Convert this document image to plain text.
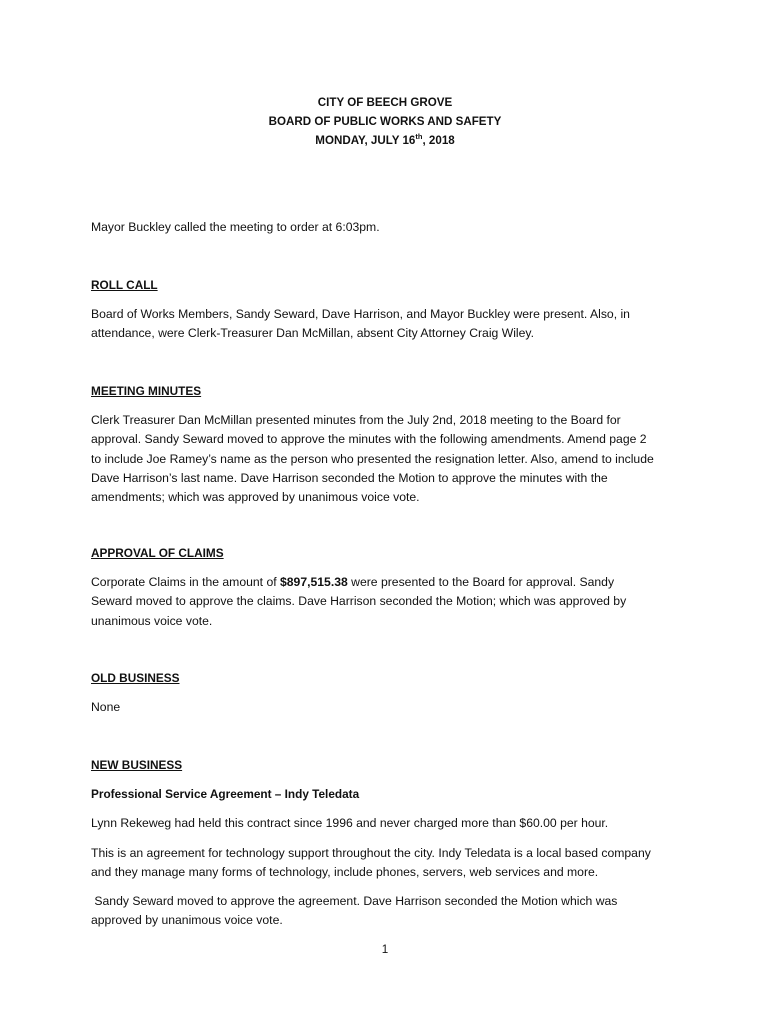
CITY OF BEECH GROVE
BOARD OF PUBLIC WORKS AND SAFETY
MONDAY, JULY 16th, 2018

Mayor Buckley called the meeting to order at 6:03pm.

ROLL CALL
Board of Works Members, Sandy Seward, Dave Harrison, and Mayor Buckley were present. Also, in
attendance, were Clerk-Treasurer Dan McMillan, absent City Attorney Craig Wiley.
MEETING MINUTES
Clerk Treasurer Dan McMillan presented minutes from the July 2nd, 2018 meeting to the Board for
approval. Sandy Seward moved to approve the minutes with the following amendments. Amend page 2
to include Joe Ramey’s name as the person who presented the resignation letter. Also, amend to include
Dave Harrison’s last name. Dave Harrison seconded the Motion to approve the minutes with the
amendments; which was approved by unanimous voice vote.
APPROVAL OF CLAIMS
Corporate Claims in the amount of $897,515.38 were presented to the Board for approval. Sandy
Seward moved to approve the claims. Dave Harrison seconded the Motion; which was approved by
unanimous voice vote.
OLD BUSINESS
None
NEW BUSINESS
Professional Service Agreement – Indy Teledata
Lynn Rekeweg had held this contract since 1996 and never charged more than $60.00 per hour.
This is an agreement for technology support throughout the city. Indy Teledata is a local based company
and they manage many forms of technology, include phones, servers, web services and more.
Sandy Seward moved to approve the agreement. Dave Harrison seconded the Motion which was
approved by unanimous voice vote.
1
